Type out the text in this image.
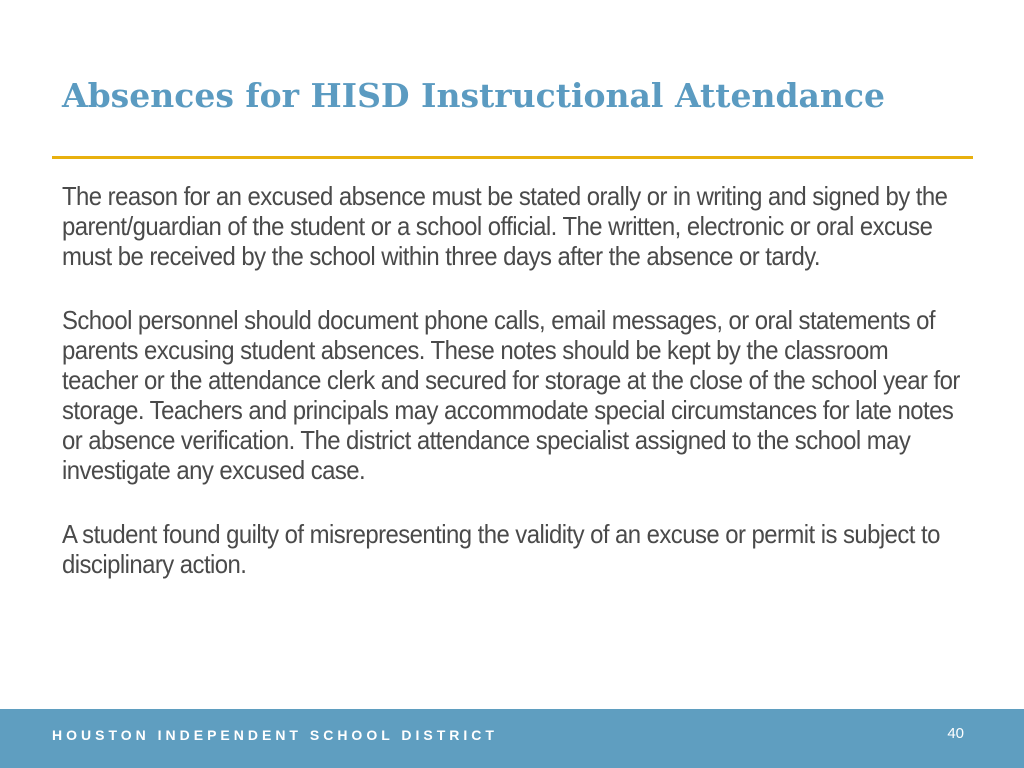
Absences for HISD Instructional Attendance

The reason for an excused absence must be stated orally or in writing and signed by the parent/guardian of the student or a school official. The written, electronic or oral excuse must be received by the school within three days after the absence or tardy.

School personnel should document phone calls, email messages, or oral statements of parents excusing student absences. These notes should be kept by the classroom teacher or the attendance clerk and secured for storage at the close of the school year for storage. Teachers and principals may accommodate special circumstances for late notes or absence verification. The district attendance specialist assigned to the school may investigate any excused case.

A student found guilty of misrepresenting the validity of an excuse or permit is subject to disciplinary action.

HOUSTON INDEPENDENT SCHOOL DISTRICT	40
